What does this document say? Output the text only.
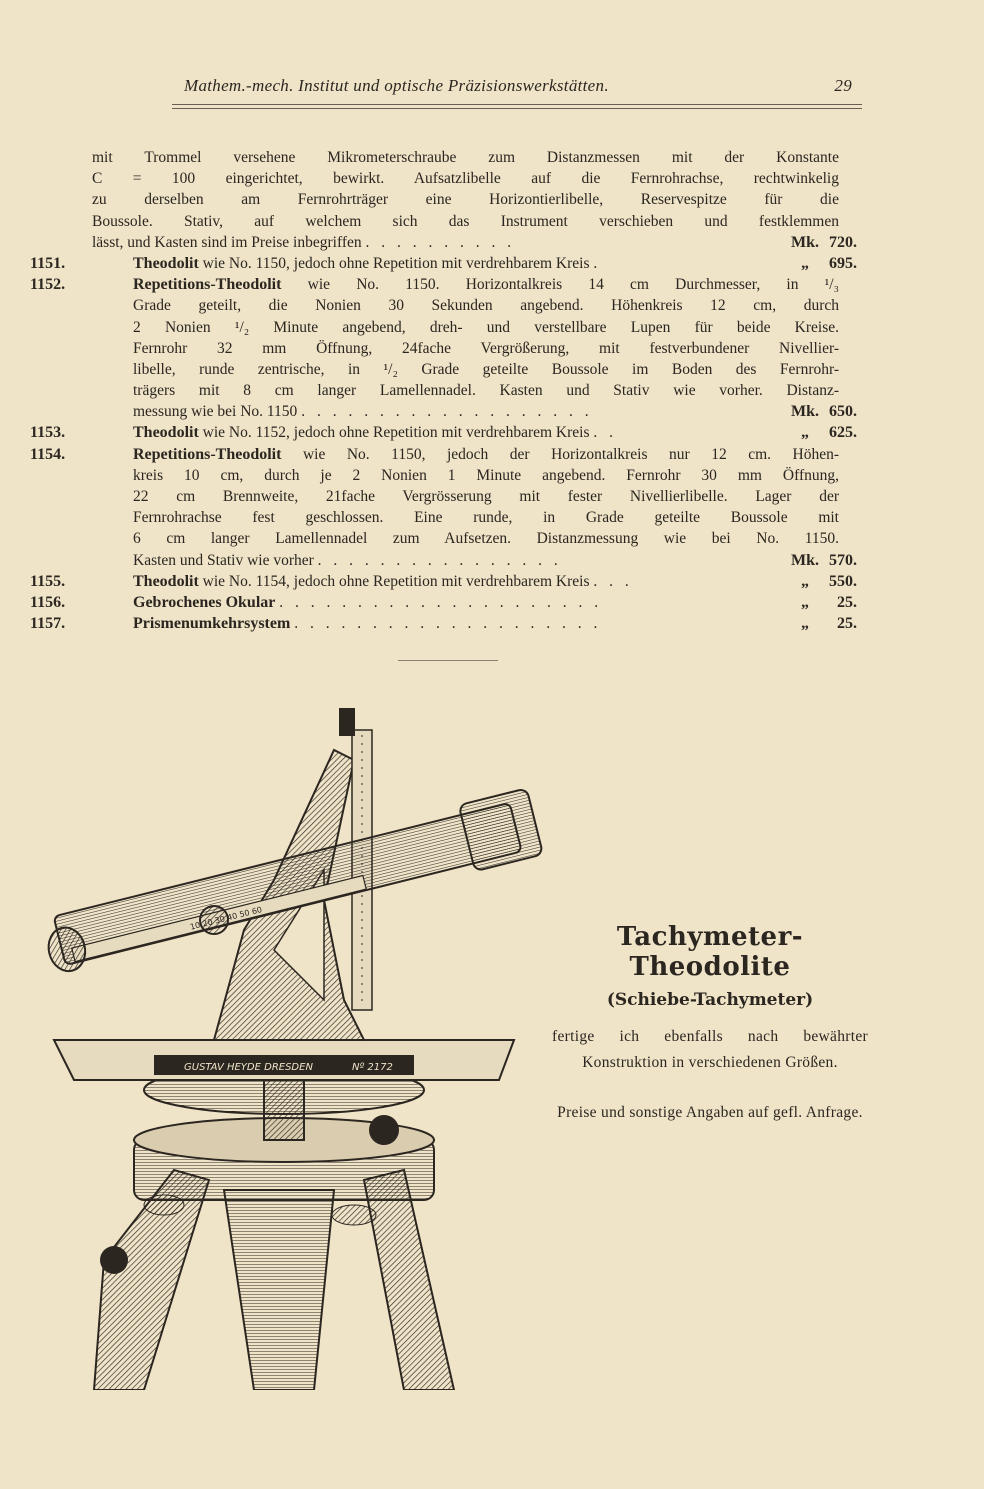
Mathem.-mech. Institut und optische Präzisionswerkstätten.	29
mit Trommel versehene Mikrometerschraube zum Distanzmessen mit der Konstante
C = 100 eingerichtet, bewirkt. Aufsatzlibelle auf die Fernrohrachse, rechtwinkelig
zu derselben am Fernrohrträger eine Horizontierlibelle, Reservespitze für die
Boussole. Stativ, auf welchem sich das Instrument verschieben und festklemmen
lässt, und Kasten sind im Preise inbegriffen . . . . . . . . . .	Mk. 720.
1151.	Theodolit wie No. 1150, jedoch ohne Repetition mit verdrehbarem Kreis .	„	695.
1152.	Repetitions-Theodolit wie No. 1150. Horizontalkreis 14 cm Durchmesser, in ¹/₃
Grade geteilt, die Nonien 30 Sekunden angebend. Höhenkreis 12 cm, durch
2 Nonien ¹/₂ Minute angebend, dreh- und verstellbare Lupen für beide Kreise.
Fernrohr 32 mm Öffnung, 24fache Vergrößerung, mit festverbundener Nivellier-
libelle, runde zentrische, in ¹/₂ Grade geteilte Boussole im Boden des Fernrohr-
trägers mit 8 cm langer Lamellennadel. Kasten und Stativ wie vorher. Distanz-
messung wie bei No. 1150 . . . . . . . . . . . . . . . . . . .	Mk. 650.
1153.	Theodolit wie No. 1152, jedoch ohne Repetition mit verdrehbarem Kreis . .	„	625.
1154.	Repetitions-Theodolit wie No. 1150, jedoch der Horizontalkreis nur 12 cm. Höhen-
kreis 10 cm, durch je 2 Nonien 1 Minute angebend. Fernrohr 30 mm Öffnung,
22 cm Brennweite, 21fache Vergrösserung mit fester Nivellierlibelle. Lager der
Fernrohrachse fest geschlossen. Eine runde, in Grade geteilte Boussole mit
6 cm langer Lamellennadel zum Aufsetzen. Distanzmessung wie bei No. 1150.
Kasten und Stativ wie vorher . . . . . . . . . . . . . . . .	Mk. 570.
1155.	Theodolit wie No. 1154, jedoch ohne Repetition mit verdrehbarem Kreis . . .	„	550.
1156.	Gebrochenes Okular . . . . . . . . . . . . . . . . . . . . .	„	25.
1157.	Prismenumkehrsystem . . . . . . . . . . . . . . . . . . . .	„	25.
GUSTAV HEYDE DRESDEN	Nº 2172
10 40 50 60
Tachymeter-Theodolite
(Schiebe-Tachymeter)

fertige ich ebenfalls nach bewährter Konstruktion in verschiedenen Größen.

Preise und sonstige Angaben auf gefl. Anfrage.
